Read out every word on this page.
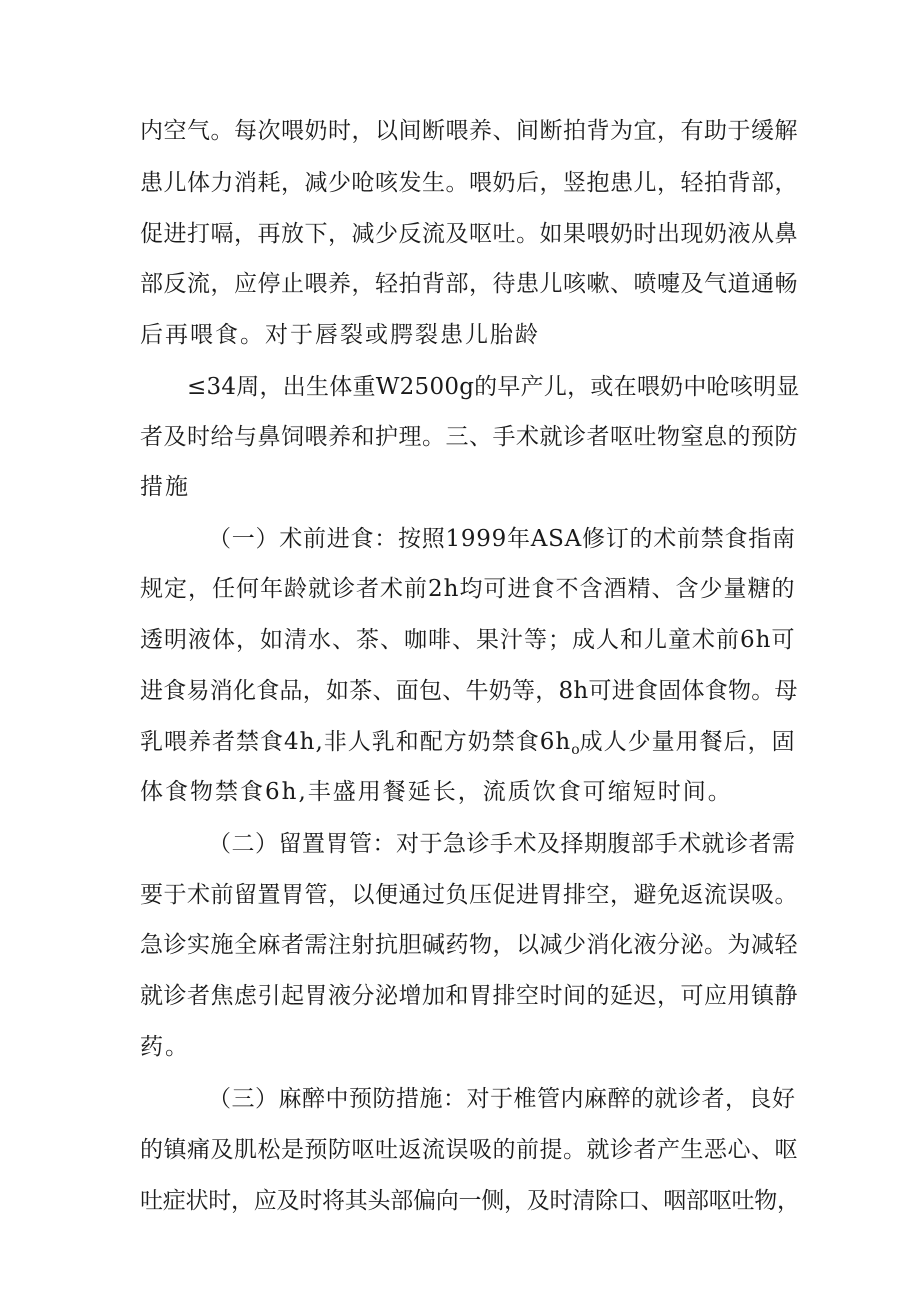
内空气。每次喂奶时，以间断喂养、间断拍背为宜，有助于缓解
患儿体力消耗，减少呛咳发生。喂奶后，竖抱患儿，轻拍背部，
促进打嗝，再放下，减少反流及呕吐。如果喂奶时出现奶液从鼻
部反流，应停止喂养，轻拍背部，待患儿咳嗽、喷嚏及气道通畅
后再喂食。对于唇裂或腭裂患儿胎龄
≤34周，出生体重W2500g的早产儿，或在喂奶中呛咳明显
者及时给与鼻饲喂养和护理。三、手术就诊者呕吐物窒息的预防
措施
（一）术前进食：按照1999年ASA修订的术前禁食指南
规定，任何年龄就诊者术前2h均可进食不含酒精、含少量糖的
透明液体，如清水、茶、咖啡、果汁等；成人和儿童术前6h可
进食易消化食品，如茶、面包、牛奶等，8h可进食固体食物。母
乳喂养者禁食4h,非人乳和配方奶禁食$6h_o$成人少量用餐后，固
体食物禁食6h,丰盛用餐延长，流质饮食可缩短时间。
（二）留置胃管：对于急诊手术及择期腹部手术就诊者需
要于术前留置胃管，以便通过负压促进胃排空，避免返流误吸。
急诊实施全麻者需注射抗胆碱药物，以减少消化液分泌。为减轻
就诊者焦虑引起胃液分泌增加和胃排空时间的延迟，可应用镇静
药。
（三）麻醉中预防措施：对于椎管内麻醉的就诊者，良好
的镇痛及肌松是预防呕吐返流误吸的前提。就诊者产生恶心、呕
吐症状时，应及时将其头部偏向一侧，及时清除口、咽部呕吐物，
